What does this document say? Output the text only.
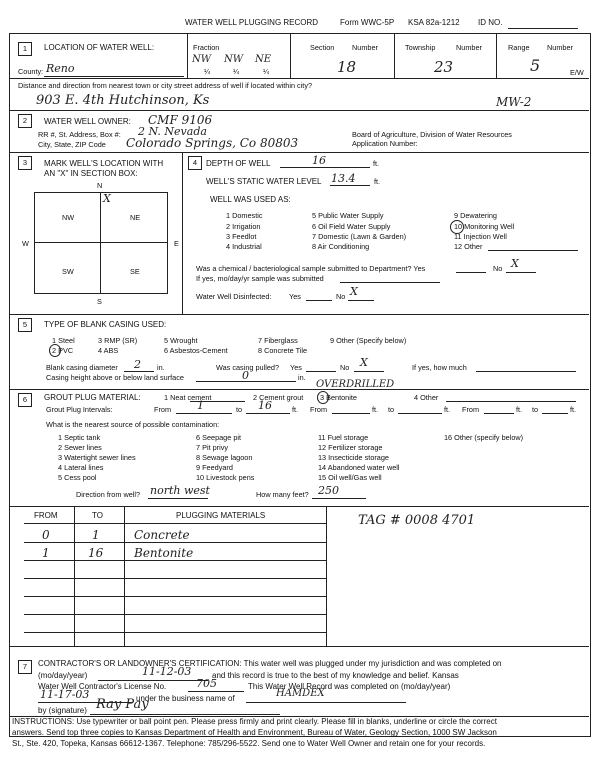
WATER WELL PLUGGING RECORD	Form WWC-5P KSA 82a-1212 ID NO.
1	LOCATION OF WATER WELL:	Fraction	Section Number	Township	Number	Range Number
County: Reno
NW NW NE
¼	¼	¼	18	23	5	E/W
Distance and direction from nearest town or city street address of well if located within city?
903 E. 4th Hutchinson, Ks	MW-2
2	WATER WELL OWNER: CMF 9106
RR #, St. Address, Box #: 2 N. Nevada
City, State, ZIP Code Colorado Springs, Co 80803
Board of Agriculture, Division of Water Resources
Application Number:
3	MARK WELL'S LOCATION WITH
AN "X" IN SECTION BOX:
N
S
W	E
NW	NE
SW	SE
X
4	DEPTH OF WELL	16	ft.
WELL'S STATIC WATER LEVEL 13.4	ft.
WELL WAS USED AS:
1 Domestic
2 Irrigation
3 Feedlot
4 Industrial
5 Public Water Supply
6 Oil Field Water Supply
7 Domestic (Lawn & Garden)
8 Air Conditioning
9 Dewatering
10 Monitoring Well
11 Injection Well
12 Other
Was a chemical / bacteriological sample submitted to Department? Yes	No X
If yes, mo/day/yr sample was submitted
Water Well Disinfected: Yes	No X
5	TYPE OF BLANK CASING USED:
1 Steel	3 RMP (SR)	5 Wrought	7 Fiberglass	9 Other (Specify below)
2 PVC	4 ABS	6 Asbestos-Cement	8 Concrete Tile
Blank casing diameter 2 in.	Was casing pulled? Yes	No X	If yes, how much
Casing height above or below land surface	0	in.
OVERDRILLED
6	GROUT PLUG MATERIAL:	1 Neat cement	2 Cement grout 3 Bentonite	4 Other
Grout Plug Intervals:	From 1	to 16	ft. From	ft. to	ft. From	ft. to	ft.
What is the nearest source of possible contamination:
1 Septic tank
2 Sewer lines
3 Watertight sewer lines
4 Lateral lines
5 Cess pool
6 Seepage pit
7 Pit privy
8 Sewage lagoon
9 Feedyard
10 Livestock pens
11 Fuel storage
12 Fertilizer storage
13 Insecticide storage
14 Abandoned water well
15 Oil well/Gas well
16 Other (specify below)
Direction from well? north west	How many feet? 250
FROM	TO	PLUGGING MATERIALS
0	1	Concrete
1	16	Bentonite
TAG # 0008 4701
7	CONTRACTOR'S OR LANDOWNER'S CERTIFICATION: This water well was plugged under my jurisdiction and was completed on
(mo/day/year)	11-12-03	and this record is true to the best of my knowledge and belief. Kansas
Water Well Contractor's License No.	705	This Water Well Record was completed on (mo/day/year)
11-17-03	under the business name of	HAMDEX
by (signature) Ray Pay
INSTRUCTIONS: Use typewriter or ball point pen. Please press firmly and print clearly. Please fill in blanks, underline or circle the correct
answers. Send top three copies to Kansas Department of Health and Environment, Bureau of Water, Geology Section, 1000 SW Jackson
St., Ste. 420, Topeka, Kansas 66612-1367. Telephone: 785/296-5522. Send one to Water Well Owner and retain one for your records.
